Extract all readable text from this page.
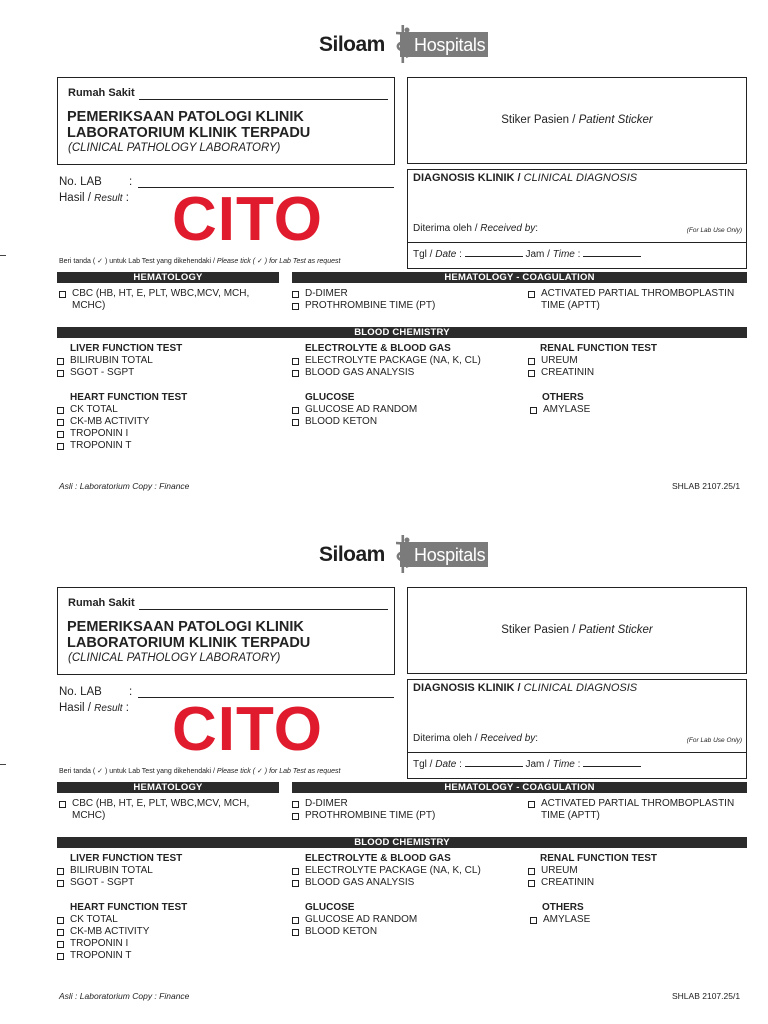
Siloam Hospitals
Rumah Sakit
PEMERIKSAAN PATOLOGI KLINIK
LABORATORIUM KLINIK TERPADU
(CLINICAL PATHOLOGY LABORATORY)
Stiker Pasien / Patient Sticker
DIAGNOSIS KLINIK / CLINICAL DIAGNOSIS
Diterima oleh / Received by:	(For Lab Use Only)
Tgl / Date :	Jam / Time :
No. LAB :
Hasil / Result : CITO
Beri tanda ( ✓ ) untuk Lab Test yang dikehendaki / Please tick ( ✓ ) for Lab Test as request
HEMATOLOGY	HEMATOLOGY - COAGULATION
CBC (HB, HT, E, PLT, WBC,MCV, MCH,
MCHC)
D-DIMER
PROTHROMBINE TIME (PT)
ACTIVATED PARTIAL THROMBOPLASTIN
TIME (APTT)
BLOOD CHEMISTRY
LIVER FUNCTION TEST
BILIRUBIN TOTAL
SGOT - SGPT
ELECTROLYTE & BLOOD GAS
ELECTROLYTE PACKAGE (NA, K, CL)
BLOOD GAS ANALYSIS
RENAL FUNCTION TEST
UREUM
CREATININ
HEART FUNCTION TEST
CK TOTAL
CK-MB ACTIVITY
TROPONIN I
TROPONIN T
GLUCOSE
GLUCOSE AD RANDOM
BLOOD KETON
OTHERS
AMYLASE
Asli : Laboratorium Copy : Finance	SHLAB 2107.25/1
Siloam Hospitals
Rumah Sakit
PEMERIKSAAN PATOLOGI KLINIK
LABORATORIUM KLINIK TERPADU
(CLINICAL PATHOLOGY LABORATORY)
Stiker Pasien / Patient Sticker
DIAGNOSIS KLINIK / CLINICAL DIAGNOSIS
Diterima oleh / Received by:	(For Lab Use Only)
Tgl / Date :	Jam / Time :
No. LAB :
Hasil / Result : CITO
Beri tanda ( ✓ ) untuk Lab Test yang dikehendaki / Please tick ( ✓ ) for Lab Test as request
HEMATOLOGY	HEMATOLOGY - COAGULATION
CBC (HB, HT, E, PLT, WBC,MCV, MCH,
MCHC)
D-DIMER
PROTHROMBINE TIME (PT)
ACTIVATED PARTIAL THROMBOPLASTIN
TIME (APTT)
BLOOD CHEMISTRY
LIVER FUNCTION TEST
BILIRUBIN TOTAL
SGOT - SGPT
ELECTROLYTE & BLOOD GAS
ELECTROLYTE PACKAGE (NA, K, CL)
BLOOD GAS ANALYSIS
RENAL FUNCTION TEST
UREUM
CREATININ
HEART FUNCTION TEST
CK TOTAL
CK-MB ACTIVITY
TROPONIN I
TROPONIN T
GLUCOSE
GLUCOSE AD RANDOM
BLOOD KETON
OTHERS
AMYLASE
Asli : Laboratorium Copy : Finance	SHLAB 2107.25/1
